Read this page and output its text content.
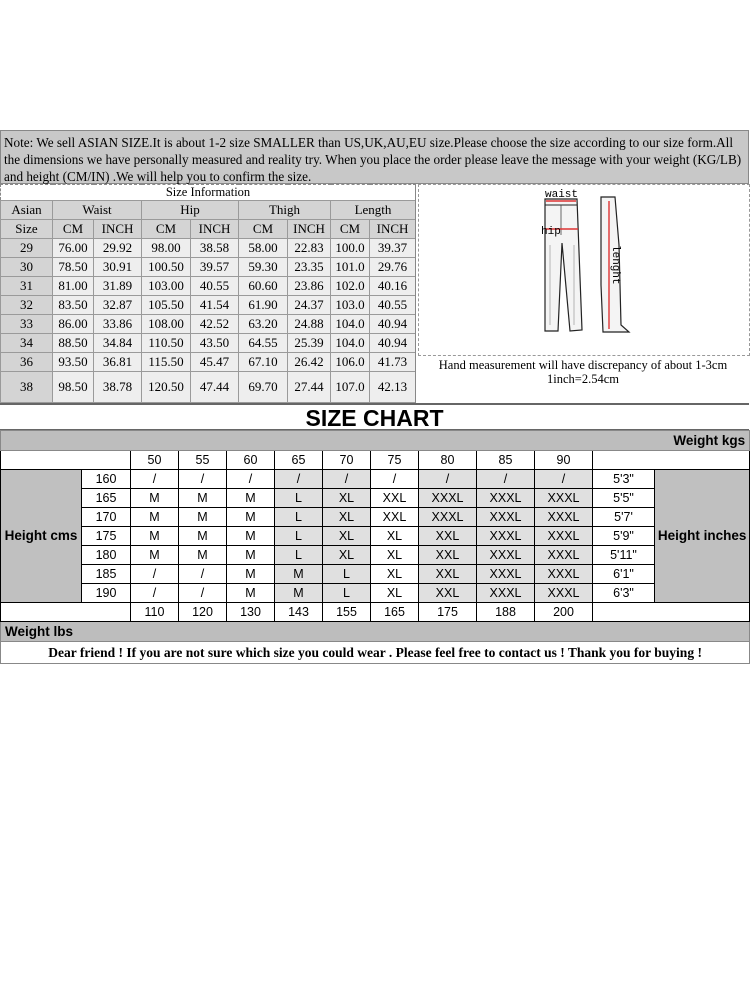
Note: We sell ASIAN SIZE.It is about 1-2 size SMALLER than US,UK,AU,EU size.Please choose the size according to our size form.All the dimensions we have personally measured and reality try. When you place the order please leave the message with your weight (KG/LB) and height (CM/IN) .We will help you to confirm the size.
Size Information								
Asian	Waist		Hip		Thigh		Length	
Size	CM	INCH	CM	INCH	CM	INCH	CM	INCH
29	76.00	29.92	98.00	38.58	58.00	22.83	100.0	39.37
30	78.50	30.91	100.50	39.57	59.30	23.35	101.0	29.76
31	81.00	31.89	103.00	40.55	60.60	23.86	102.0	40.16
32	83.50	32.87	105.50	41.54	61.90	24.37	103.0	40.55
33	86.00	33.86	108.00	42.52	63.20	24.88	104.0	40.94
34	88.50	34.84	110.50	43.50	64.55	25.39	104.0	40.94
36	93.50	36.81	115.50	45.47	67.10	26.42	106.0	41.73
38	98.50	38.78	120.50	47.44	69.70	27.44	107.0	42.13
waist
hip
lenght
Hand measurement will have discrepancy of about 1-3cm
1inch=2.54cm
SIZE CHART
Weight kgs												
		50	55	60	65	70	75	80	85	90		
Height cms	160	/	/	/	/	/	/	/	/	/	5'3"	Height inches
	165	M	M	M	L	XL	XXL	XXXL	XXXL	XXXL	5'5"	
	170	M	M	M	L	XL	XXL	XXXL	XXXL	XXXL	5'7'	
	175	M	M	M	L	XL	XL	XXL	XXXL	XXXL	5'9"	
	180	M	M	M	L	XL	XL	XXL	XXXL	XXXL	5'11"	
	185	/	/	M	M	L	XL	XXL	XXXL	XXXL	6'1"	
	190	/	/	M	M	L	XL	XXL	XXXL	XXXL	6'3"	
		110	120	130	143	155	165	175	188	200		
Weight lbs												
Dear friend ! If you are not sure which size you could wear . Please feel free to contact us ! Thank you for buying !												
